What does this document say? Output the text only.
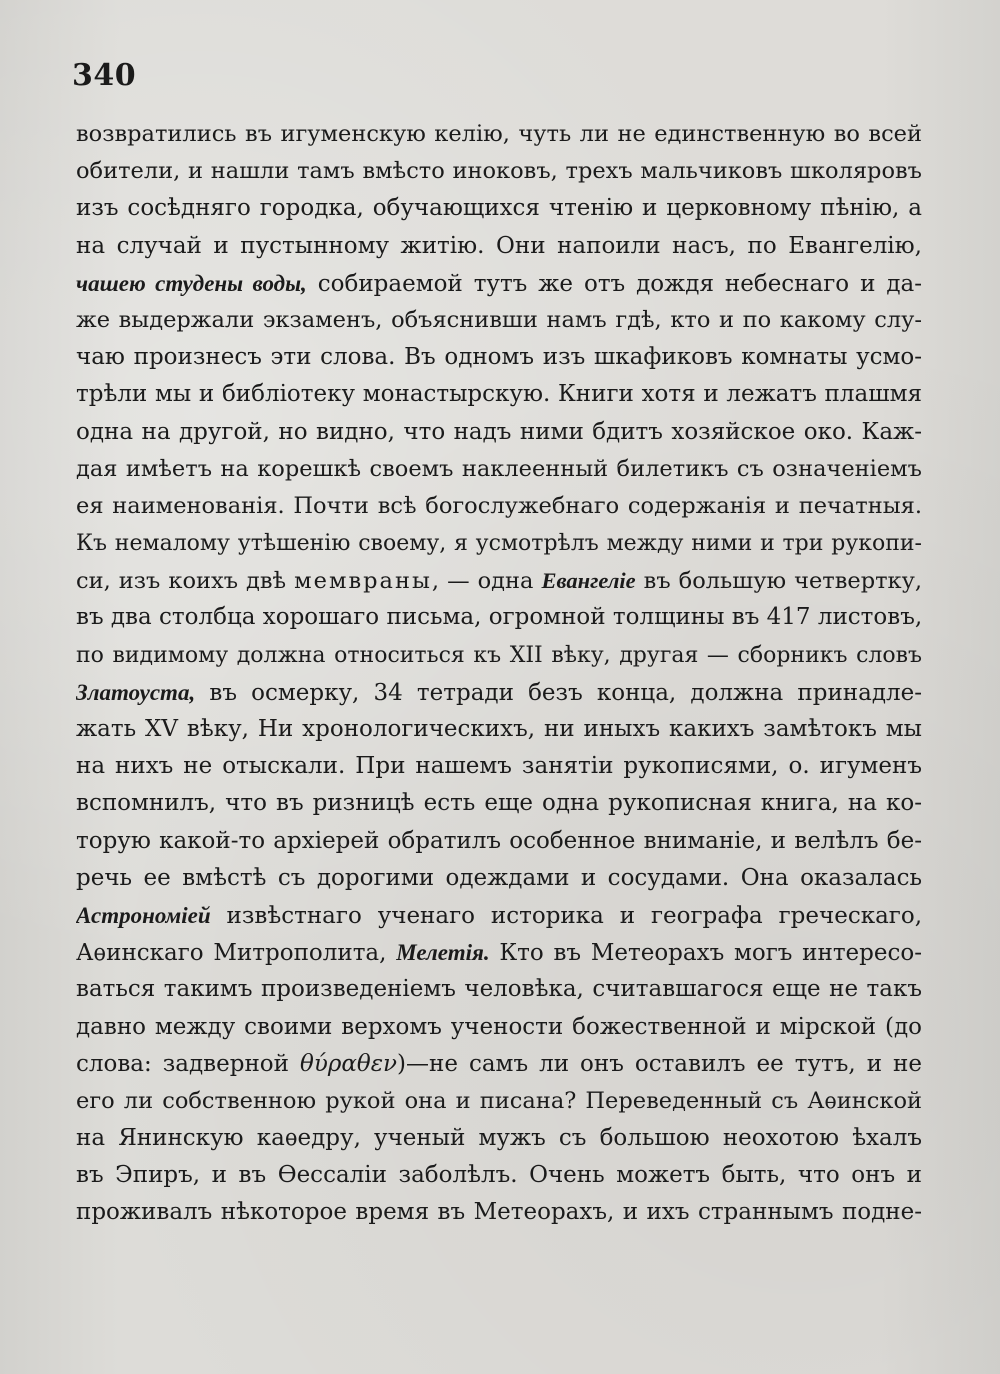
340
возвратились въ игуменскую келію, чуть ли не единственную во всей
обители, и нашли тамъ вмѣсто иноковъ, трехъ мальчиковъ школяровъ
изъ сосѣдняго городка, обучающихся чтенію и церковному пѣнію, а
на случай и пустынному житію. Они напоили насъ, по Евангелію,
чашею студены воды, собираемой тутъ же отъ дождя небеснаго и да-
же выдержали экзаменъ, объяснивши намъ гдѣ, кто и по какому слу-
чаю произнесъ эти слова. Въ одномъ изъ шкафиковъ комнаты усмо-
трѣли мы и библіотеку монастырскую. Книги хотя и лежатъ плашмя
одна на другой, но видно, что надъ ними бдитъ хозяйское око. Каж-
дая имѣетъ на корешкѣ своемъ наклеенный билетикъ съ означеніемъ
ея наименованія. Почти всѣ богослужебнаго содержанія и печатныя.
Къ немалому утѣшенію своему, я усмотрѣлъ между ними и три рукопи-
си, изъ коихъ двѣ мемвраны, — одна Евангеліе въ большую четвертку,
въ два столбца хорошаго письма, огромной толщины въ 417 листовъ,
по видимому должна относиться къ XII вѣку, другая — сборникъ словъ
Златоуста, въ осмерку, 34 тетради безъ конца, должна принадле-
жать XV вѣку, Ни хронологическихъ, ни иныхъ какихъ замѣтокъ мы
на нихъ не отыскали. При нашемъ занятіи рукописями, о. игуменъ
вспомнилъ, что въ ризницѣ есть еще одна рукописная книга, на ко-
торую какой-то архіерей обратилъ особенное вниманіе, и велѣлъ бе-
речь ее вмѣстѣ съ дорогими одеждами и сосудами. Она оказалась
Астрономіей извѣстнаго ученаго историка и географа греческаго,
Аѳинскаго Митрополита, Мелетія. Кто въ Метеорахъ могъ интересо-
ваться такимъ произведеніемъ человѣка, считавшагося еще не такъ
давно между своими верхомъ учености божественной и мірской (до
слова: задверной θύραθεν)—не самъ ли онъ оставилъ ее тутъ, и не
его ли собственною рукой она и писана? Переведенный съ Аѳинской
на Янинскую каѳедру, ученый мужъ съ большою неохотою ѣхалъ
въ Эпиръ, и въ Ѳессаліи заболѣлъ. Очень можетъ быть, что онъ и
проживалъ нѣкоторое время въ Метеорахъ, и ихъ страннымъ подне-
